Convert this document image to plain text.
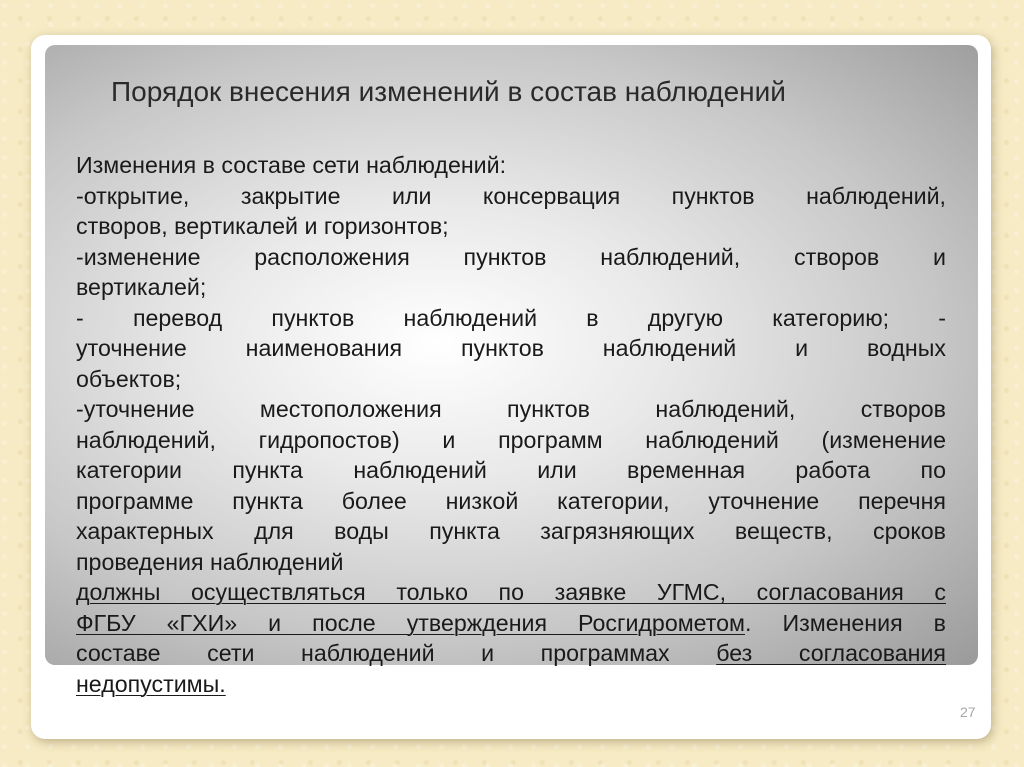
Порядок внесения изменений в состав наблюдений
Изменения в составе сети наблюдений:
-открытие, закрытие или консервация пунктов наблюдений,
створов, вертикалей и горизонтов;
-изменение расположения пунктов наблюдений, створов и
вертикалей;
- перевод пунктов наблюдений в другую категорию; -
уточнение наименования пунктов наблюдений и водных
объектов;
-уточнение местоположения пунктов наблюдений, створов
наблюдений, гидропостов) и программ наблюдений (изменение
категории пункта наблюдений или временная работа по
программе пункта более низкой категории, уточнение перечня
характерных для воды пункта загрязняющих веществ, сроков
проведения наблюдений
должны осуществляться только по заявке УГМС, согласования с
ФГБУ «ГХИ» и после утверждения Росгидрометом. Изменения в
составе сети наблюдений и программах без согласования
недопустимы.
27
